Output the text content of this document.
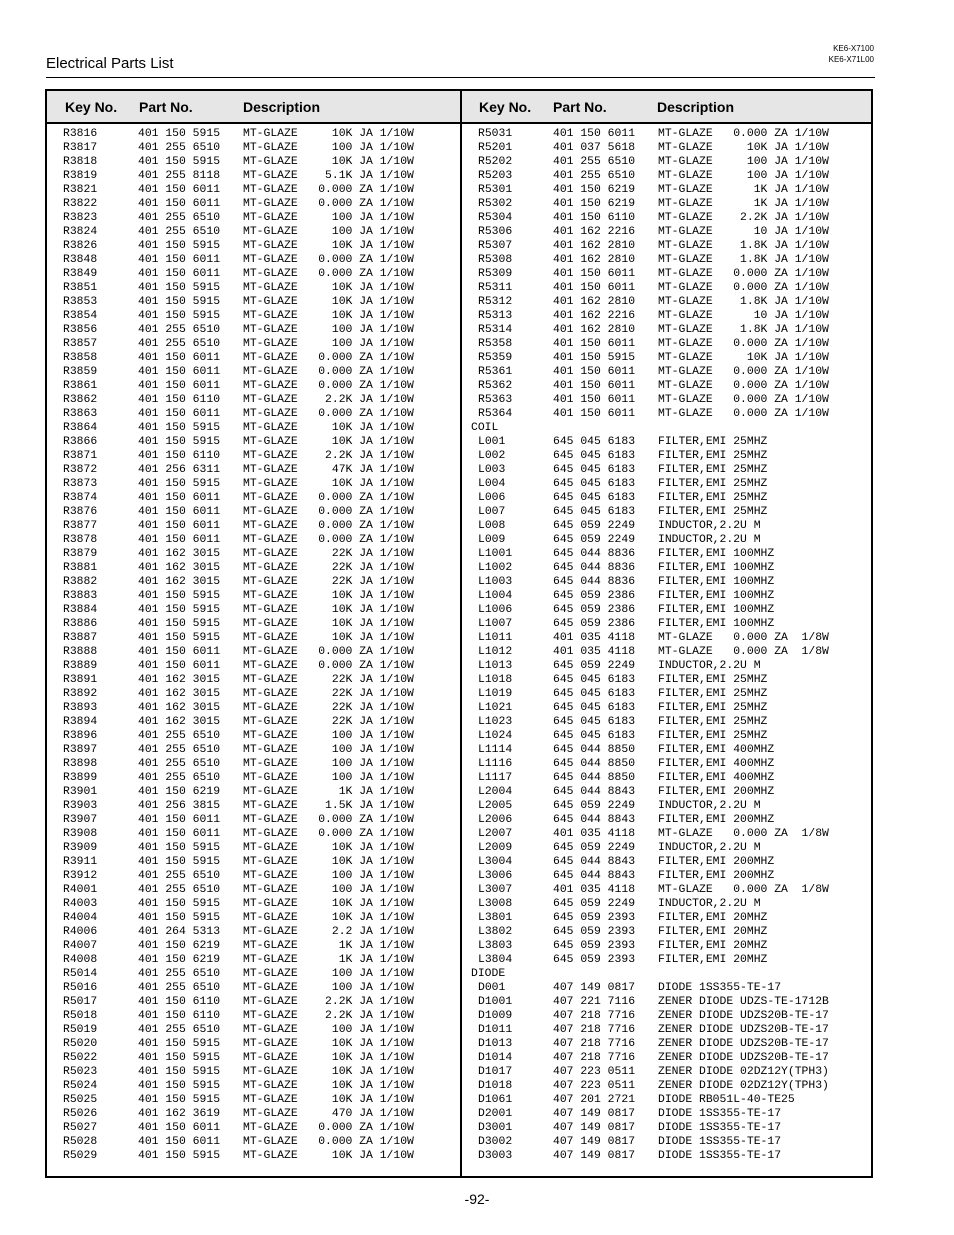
Electrical Parts List
KE6-X7100
KE6-X71L00
Key No. Part No.	Description	Key No. Part No.	Description
R3816	401 150 5915 MT-GLAZE     10K JA 1/10W
R3817	401 255 6510 MT-GLAZE     100 JA 1/10W
R3818	401 150 5915 MT-GLAZE     10K JA 1/10W
R3819	401 255 8118 MT-GLAZE    5.1K JA 1/10W
R3821	401 150 6011 MT-GLAZE   0.000 ZA 1/10W
R3822	401 150 6011 MT-GLAZE   0.000 ZA 1/10W
R3823	401 255 6510 MT-GLAZE     100 JA 1/10W
R3824	401 255 6510 MT-GLAZE     100 JA 1/10W
R3826	401 150 5915 MT-GLAZE     10K JA 1/10W
R3848	401 150 6011 MT-GLAZE   0.000 ZA 1/10W
R3849	401 150 6011 MT-GLAZE   0.000 ZA 1/10W
R3851	401 150 5915 MT-GLAZE     10K JA 1/10W
R3853	401 150 5915 MT-GLAZE     10K JA 1/10W
R3854	401 150 5915 MT-GLAZE     10K JA 1/10W
R3856	401 255 6510 MT-GLAZE     100 JA 1/10W
R3857	401 255 6510 MT-GLAZE     100 JA 1/10W
R3858	401 150 6011 MT-GLAZE   0.000 ZA 1/10W
R3859	401 150 6011 MT-GLAZE   0.000 ZA 1/10W
R3861	401 150 6011 MT-GLAZE   0.000 ZA 1/10W
R3862	401 150 6110 MT-GLAZE    2.2K JA 1/10W
R3863	401 150 6011 MT-GLAZE   0.000 ZA 1/10W
R3864	401 150 5915 MT-GLAZE     10K JA 1/10W
R3866	401 150 5915 MT-GLAZE     10K JA 1/10W
R3871	401 150 6110 MT-GLAZE    2.2K JA 1/10W
R3872	401 256 6311 MT-GLAZE     47K JA 1/10W
R3873	401 150 5915 MT-GLAZE     10K JA 1/10W
R3874	401 150 6011 MT-GLAZE   0.000 ZA 1/10W
R3876	401 150 6011 MT-GLAZE   0.000 ZA 1/10W
R3877	401 150 6011 MT-GLAZE   0.000 ZA 1/10W
R3878	401 150 6011 MT-GLAZE   0.000 ZA 1/10W
R3879	401 162 3015 MT-GLAZE     22K JA 1/10W
R3881	401 162 3015 MT-GLAZE     22K JA 1/10W
R3882	401 162 3015 MT-GLAZE     22K JA 1/10W
R3883	401 150 5915 MT-GLAZE     10K JA 1/10W
R3884	401 150 5915 MT-GLAZE     10K JA 1/10W
R3886	401 150 5915 MT-GLAZE     10K JA 1/10W
R3887	401 150 5915 MT-GLAZE     10K JA 1/10W
R3888	401 150 6011 MT-GLAZE   0.000 ZA 1/10W
R3889	401 150 6011 MT-GLAZE   0.000 ZA 1/10W
R3891	401 162 3015 MT-GLAZE     22K JA 1/10W
R3892	401 162 3015 MT-GLAZE     22K JA 1/10W
R3893	401 162 3015 MT-GLAZE     22K JA 1/10W
R3894	401 162 3015 MT-GLAZE     22K JA 1/10W
R3896	401 255 6510 MT-GLAZE     100 JA 1/10W
R3897	401 255 6510 MT-GLAZE     100 JA 1/10W
R3898	401 255 6510 MT-GLAZE     100 JA 1/10W
R3899	401 255 6510 MT-GLAZE     100 JA 1/10W
R3901	401 150 6219 MT-GLAZE      1K JA 1/10W
R3903	401 256 3815 MT-GLAZE    1.5K JA 1/10W
R3907	401 150 6011 MT-GLAZE   0.000 ZA 1/10W
R3908	401 150 6011 MT-GLAZE   0.000 ZA 1/10W
R3909	401 150 5915 MT-GLAZE     10K JA 1/10W
R3911	401 150 5915 MT-GLAZE     10K JA 1/10W
R3912	401 255 6510 MT-GLAZE     100 JA 1/10W
R4001	401 255 6510 MT-GLAZE     100 JA 1/10W
R4003	401 150 5915 MT-GLAZE     10K JA 1/10W
R4004	401 150 5915 MT-GLAZE     10K JA 1/10W
R4006	401 264 5313 MT-GLAZE     2.2 JA 1/10W
R4007	401 150 6219 MT-GLAZE      1K JA 1/10W
R4008	401 150 6219 MT-GLAZE      1K JA 1/10W
R5014	401 255 6510 MT-GLAZE     100 JA 1/10W
R5016	401 255 6510 MT-GLAZE     100 JA 1/10W
R5017	401 150 6110 MT-GLAZE    2.2K JA 1/10W
R5018	401 150 6110 MT-GLAZE    2.2K JA 1/10W
R5019	401 255 6510 MT-GLAZE     100 JA 1/10W
R5020	401 150 5915 MT-GLAZE     10K JA 1/10W
R5022	401 150 5915 MT-GLAZE     10K JA 1/10W
R5023	401 150 5915 MT-GLAZE     10K JA 1/10W
R5024	401 150 5915 MT-GLAZE     10K JA 1/10W
R5025	401 150 5915 MT-GLAZE     10K JA 1/10W
R5026	401 162 3619 MT-GLAZE     470 JA 1/10W
R5027	401 150 6011 MT-GLAZE   0.000 ZA 1/10W
R5028	401 150 6011 MT-GLAZE   0.000 ZA 1/10W
R5029	401 150 5915 MT-GLAZE     10K JA 1/10W
R5031	401 150 6011 MT-GLAZE   0.000 ZA 1/10W
R5201	401 037 5618 MT-GLAZE     10K JA 1/10W
R5202	401 255 6510 MT-GLAZE     100 JA 1/10W
R5203	401 255 6510 MT-GLAZE     100 JA 1/10W
R5301	401 150 6219 MT-GLAZE      1K JA 1/10W
R5302	401 150 6219 MT-GLAZE      1K JA 1/10W
R5304	401 150 6110 MT-GLAZE    2.2K JA 1/10W
R5306	401 162 2216 MT-GLAZE      10 JA 1/10W
R5307	401 162 2810 MT-GLAZE    1.8K JA 1/10W
R5308	401 162 2810 MT-GLAZE    1.8K JA 1/10W
R5309	401 150 6011 MT-GLAZE   0.000 ZA 1/10W
R5311	401 150 6011 MT-GLAZE   0.000 ZA 1/10W
R5312	401 162 2810 MT-GLAZE    1.8K JA 1/10W
R5313	401 162 2216 MT-GLAZE      10 JA 1/10W
R5314	401 162 2810 MT-GLAZE    1.8K JA 1/10W
R5358	401 150 6011 MT-GLAZE   0.000 ZA 1/10W
R5359	401 150 5915 MT-GLAZE     10K JA 1/10W
R5361	401 150 6011 MT-GLAZE   0.000 ZA 1/10W
R5362	401 150 6011 MT-GLAZE   0.000 ZA 1/10W
R5363	401 150 6011 MT-GLAZE   0.000 ZA 1/10W
R5364	401 150 6011 MT-GLAZE   0.000 ZA 1/10W
COIL
L001	645 045 6183 FILTER,EMI 25MHZ
L002	645 045 6183 FILTER,EMI 25MHZ
L003	645 045 6183 FILTER,EMI 25MHZ
L004	645 045 6183 FILTER,EMI 25MHZ
L006	645 045 6183 FILTER,EMI 25MHZ
L007	645 045 6183 FILTER,EMI 25MHZ
L008	645 059 2249 INDUCTOR,2.2U M
L009	645 059 2249 INDUCTOR,2.2U M
L1001	645 044 8836 FILTER,EMI 100MHZ
L1002	645 044 8836 FILTER,EMI 100MHZ
L1003	645 044 8836 FILTER,EMI 100MHZ
L1004	645 059 2386 FILTER,EMI 100MHZ
L1006	645 059 2386 FILTER,EMI 100MHZ
L1007	645 059 2386 FILTER,EMI 100MHZ
L1011	401 035 4118 MT-GLAZE   0.000 ZA  1/8W
L1012	401 035 4118 MT-GLAZE   0.000 ZA  1/8W
L1013	645 059 2249 INDUCTOR,2.2U M
L1018	645 045 6183 FILTER,EMI 25MHZ
L1019	645 045 6183 FILTER,EMI 25MHZ
L1021	645 045 6183 FILTER,EMI 25MHZ
L1023	645 045 6183 FILTER,EMI 25MHZ
L1024	645 045 6183 FILTER,EMI 25MHZ
L1114	645 044 8850 FILTER,EMI 400MHZ
L1116	645 044 8850 FILTER,EMI 400MHZ
L1117	645 044 8850 FILTER,EMI 400MHZ
L2004	645 044 8843 FILTER,EMI 200MHZ
L2005	645 059 2249 INDUCTOR,2.2U M
L2006	645 044 8843 FILTER,EMI 200MHZ
L2007	401 035 4118 MT-GLAZE   0.000 ZA  1/8W
L2009	645 059 2249 INDUCTOR,2.2U M
L3004	645 044 8843 FILTER,EMI 200MHZ
L3006	645 044 8843 FILTER,EMI 200MHZ
L3007	401 035 4118 MT-GLAZE   0.000 ZA  1/8W
L3008	645 059 2249 INDUCTOR,2.2U M
L3801	645 059 2393 FILTER,EMI 20MHZ
L3802	645 059 2393 FILTER,EMI 20MHZ
L3803	645 059 2393 FILTER,EMI 20MHZ
L3804	645 059 2393 FILTER,EMI 20MHZ
DIODE
D001	407 149 0817 DIODE 1SS355-TE-17
D1001	407 221 7116 ZENER DIODE UDZS-TE-1712B
D1009	407 218 7716 ZENER DIODE UDZS20B-TE-17
D1011	407 218 7716 ZENER DIODE UDZS20B-TE-17
D1013	407 218 7716 ZENER DIODE UDZS20B-TE-17
D1014	407 218 7716 ZENER DIODE UDZS20B-TE-17
D1017	407 223 0511 ZENER DIODE 02DZ12Y(TPH3)
D1018	407 223 0511 ZENER DIODE 02DZ12Y(TPH3)
D1061	407 201 2721 DIODE RB051L-40-TE25
D2001	407 149 0817 DIODE 1SS355-TE-17
D3001	407 149 0817 DIODE 1SS355-TE-17
D3002	407 149 0817 DIODE 1SS355-TE-17
D3003	407 149 0817 DIODE 1SS355-TE-17
-92-
